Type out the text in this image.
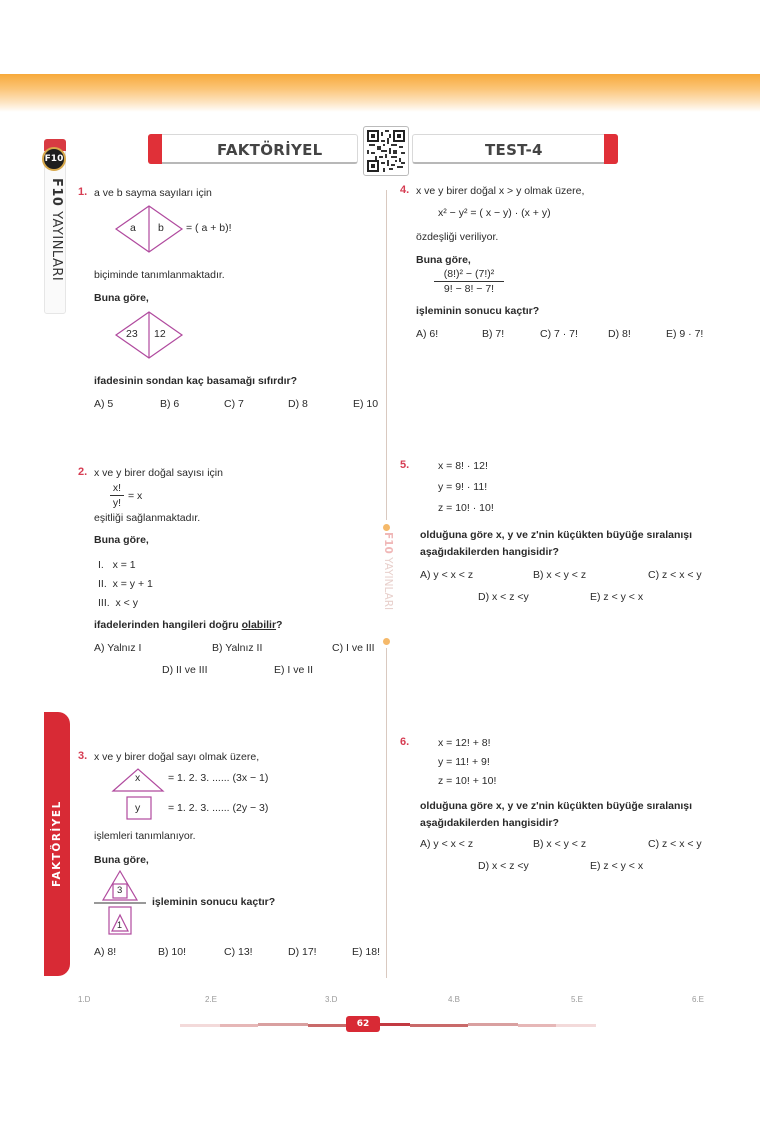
FAKTÖRİYEL	TEST-4
F10
F10 YAYINLARI
FAKTÖRİYEL
F10 YAYINLARI
1. a ve b sayma sayıları için
a b = ( a + b)!
biçiminde tanımlanmaktadır.
Buna göre,
23 12
ifadesinin sondan kaç basamağı sıfırdır?
A) 5	B) 6	C) 7	D) 8	E) 10
2. x ve y birer doğal sayısı için
$\frac{x!}{y!} = x$
eşitliği sağlanmaktadır.
Buna göre,
I.   x = 1
II.  x = y + 1
III.  x < y
ifadelerinden hangileri doğru olabilir?
A) Yalnız I	B) Yalnız II	C) I ve III
D) II ve III	E) I ve II
3. x ve y birer doğal sayı olmak üzere,
x	= 1. 2. 3. ...... (3x − 1)
y	= 1. 2. 3. ...... (2y − 3)
işlemleri tanımlanıyor.
Buna göre,
3
1
işleminin sonucu kaçtır?
A) 8!	B) 10!	C) 13!	D) 17!	E) 18!
4. x ve y birer doğal x > y olmak üzere,
x² − y² = ( x − y) · (x + y)
özdeşliği veriliyor.
Buna göre,
$\frac{\text{(8!)² − (7!)²}}{9! - 8! - 7!}$
işleminin sonucu kaçtır?
A) 6!	B) 7!	C) 7 · 7!	D) 8!	E) 9 · 7!
5.	x = 8! · 12!
y = 9! · 11!
z = 10! · 10!
olduğuna göre x, y ve z'nin küçükten büyüğe sıralanışı
aşağıdakilerden hangisidir?
A) y < x < z	B) x < y < z	C) z < x < y
D) x < z <y	E) z < y < x
6.	x = 12! + 8!
y = 11! + 9!
z = 10! + 10!
olduğuna göre x, y ve z'nin küçükten büyüğe sıralanışı
aşağıdakilerden hangisidir?
A) y < x < z	B) x < y < z	C) z < x < y
D) x < z <y	E) z < y < x
1.D	2.E	3.D	4.B	5.E	6.E
62
